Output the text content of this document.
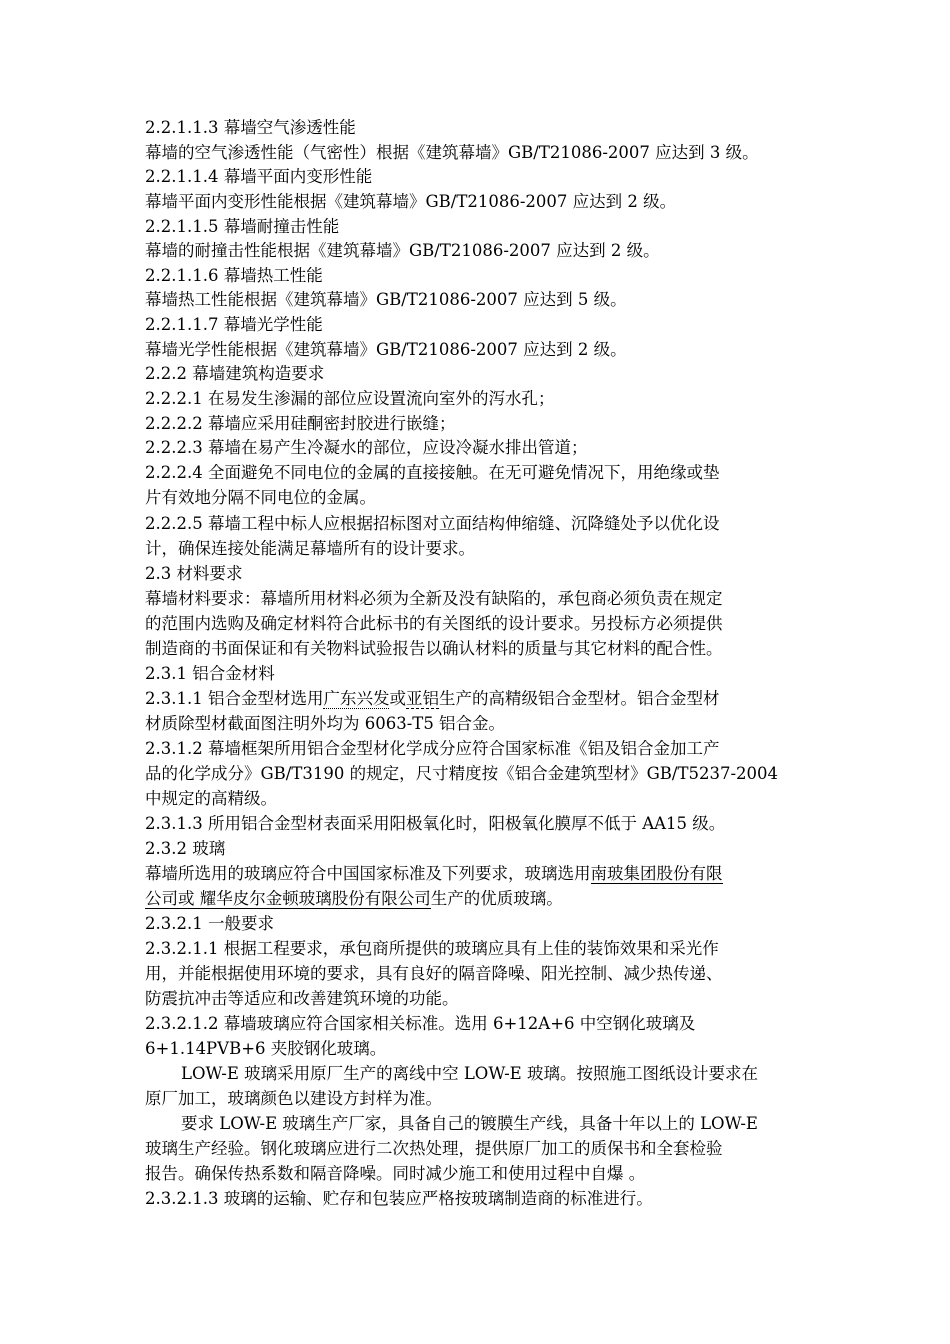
2.2.1.1.3 幕墙空气渗透性能
幕墙的空气渗透性能（气密性）根据《建筑幕墙》GB/T21086-2007 应达到 3 级。
2.2.1.1.4 幕墙平面内变形性能
幕墙平面内变形性能根据《建筑幕墙》GB/T21086-2007 应达到 2 级。
2.2.1.1.5 幕墙耐撞击性能
幕墙的耐撞击性能根据《建筑幕墙》GB/T21086-2007 应达到 2 级。
2.2.1.1.6 幕墙热工性能
幕墙热工性能根据《建筑幕墙》GB/T21086-2007 应达到 5 级。
2.2.1.1.7 幕墙光学性能
幕墙光学性能根据《建筑幕墙》GB/T21086-2007 应达到 2 级。
2.2.2 幕墙建筑构造要求
2.2.2.1 在易发生渗漏的部位应设置流向室外的泻水孔；
2.2.2.2 幕墙应采用硅酮密封胶进行嵌缝；
2.2.2.3 幕墙在易产生冷凝水的部位，应设冷凝水排出管道；
2.2.2.4 全面避免不同电位的金属的直接接触。在无可避免情况下，用绝缘或垫
片有效地分隔不同电位的金属。
2.2.2.5 幕墙工程中标人应根据招标图对立面结构伸缩缝、沉降缝处予以优化设
计，确保连接处能满足幕墙所有的设计要求。
2.3 材料要求
幕墙材料要求：幕墙所用材料必须为全新及没有缺陷的，承包商必须负责在规定
的范围内选购及确定材料符合此标书的有关图纸的设计要求。另投标方必须提供
制造商的书面保证和有关物料试验报告以确认材料的质量与其它材料的配合性。
2.3.1 铝合金材料
2.3.1.1 铝合金型材选用广东兴发或亚铝生产的高精级铝合金型材。铝合金型材
材质除型材截面图注明外均为 6063-T5 铝合金。
2.3.1.2 幕墙框架所用铝合金型材化学成分应符合国家标准《铝及铝合金加工产
品的化学成分》GB/T3190 的规定，尺寸精度按《铝合金建筑型材》GB/T5237-2004
中规定的高精级。
2.3.1.3 所用铝合金型材表面采用阳极氧化时，阳极氧化膜厚不低于 AA15 级。
2.3.2 玻璃
幕墙所选用的玻璃应符合中国国家标准及下列要求，玻璃选用南玻集团股份有限
公司或 耀华皮尔金顿玻璃股份有限公司生产的优质玻璃。
2.3.2.1 一般要求
2.3.2.1.1 根据工程要求，承包商所提供的玻璃应具有上佳的装饰效果和采光作
用，并能根据使用环境的要求，具有良好的隔音降噪、阳光控制、减少热传递、
防震抗冲击等适应和改善建筑环境的功能。
2.3.2.1.2 幕墙玻璃应符合国家相关标准。选用 6+12A+6 中空钢化玻璃及
6+1.14PVB+6 夹胶钢化玻璃。
LOW-E 玻璃采用原厂生产的离线中空 LOW-E 玻璃。按照施工图纸设计要求在
原厂加工，玻璃颜色以建设方封样为准。
要求 LOW-E 玻璃生产厂家，具备自己的镀膜生产线，具备十年以上的 LOW-E
玻璃生产经验。钢化玻璃应进行二次热处理，提供原厂加工的质保书和全套检验
报告。确保传热系数和隔音降噪。同时减少施工和使用过程中自爆 。
2.3.2.1.3 玻璃的运输、贮存和包装应严格按玻璃制造商的标准进行。
